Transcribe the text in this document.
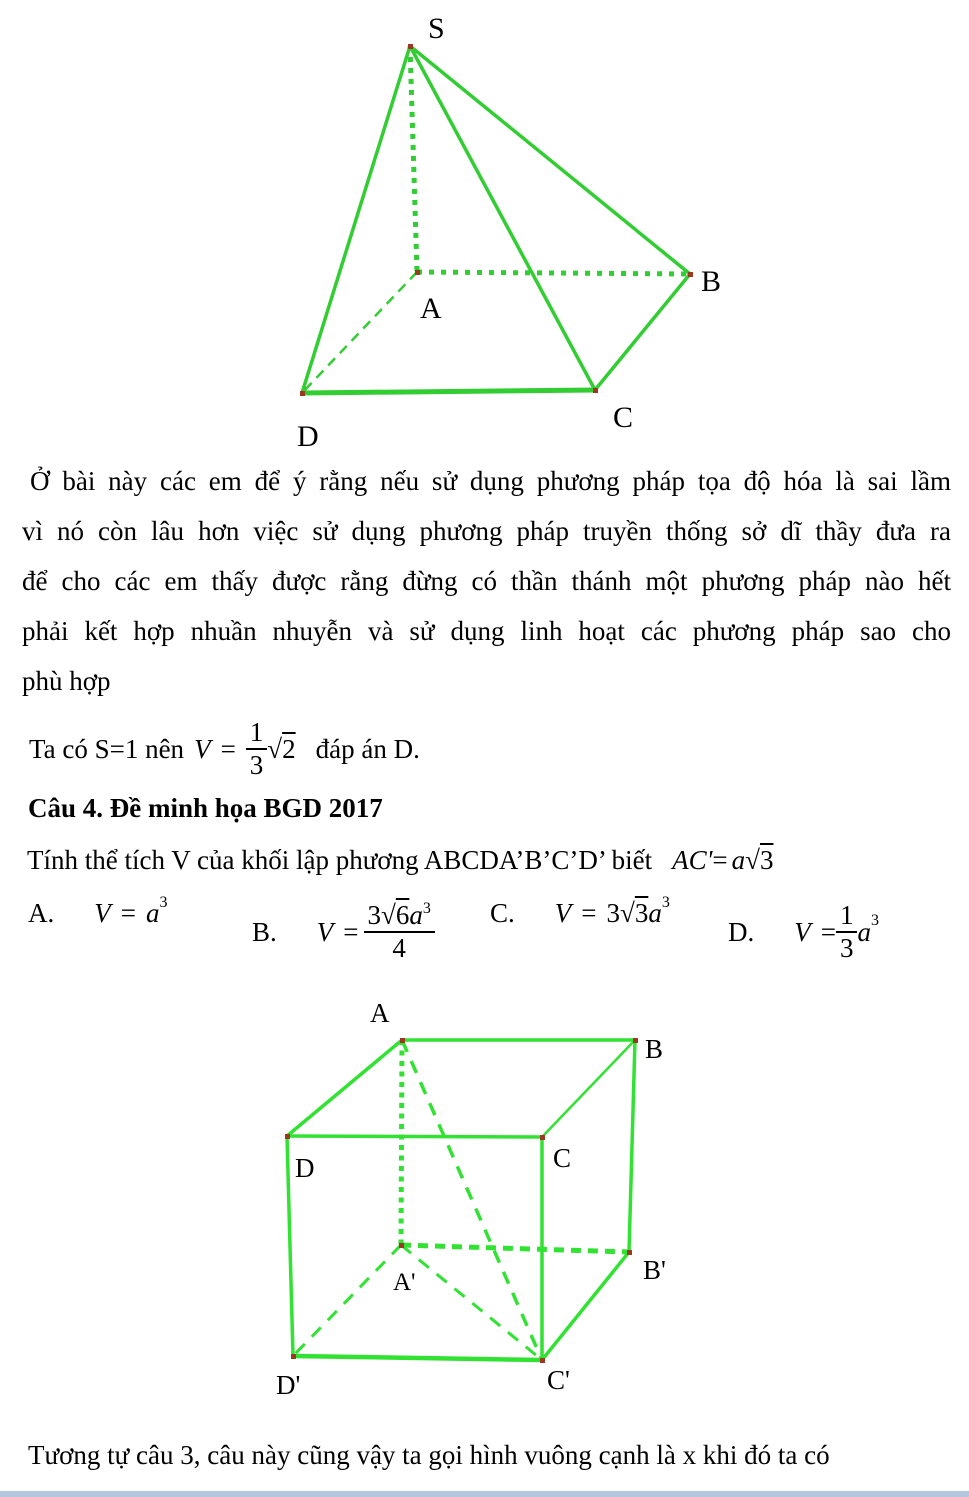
S
A
B
C
D
Ở bài này các em để ý rằng nếu sử dụng phương pháp tọa độ hóa là sai lầm
vì nó còn lâu hơn việc sử dụng phương pháp truyền thống sở dĩ thầy đưa ra
để cho các em thấy được rằng đừng có thần thánh một phương pháp nào hết
phải kết hợp nhuần nhuyễn và sử dụng linh hoạt các phương pháp sao cho
phù hợp
Ta có S=1 nên $V = \frac{1}{3} √2$ đáp án D.
Câu 4. Đề minh họa BGD 2017
Tính thể tích V của khối lập phương ABCDA’B’C’D’ biết AC' = a √3
A. V = a 3
B. $V = \frac{3√6a^3}{4} C$. V = 3 √3 a 3
D. $V = \frac{1}{3}$ a 3
A
B
D	C
A'	B'
D'	C'
Tương tự câu 3, câu này cũng vậy ta gọi hình vuông cạnh là x khi đó ta có
